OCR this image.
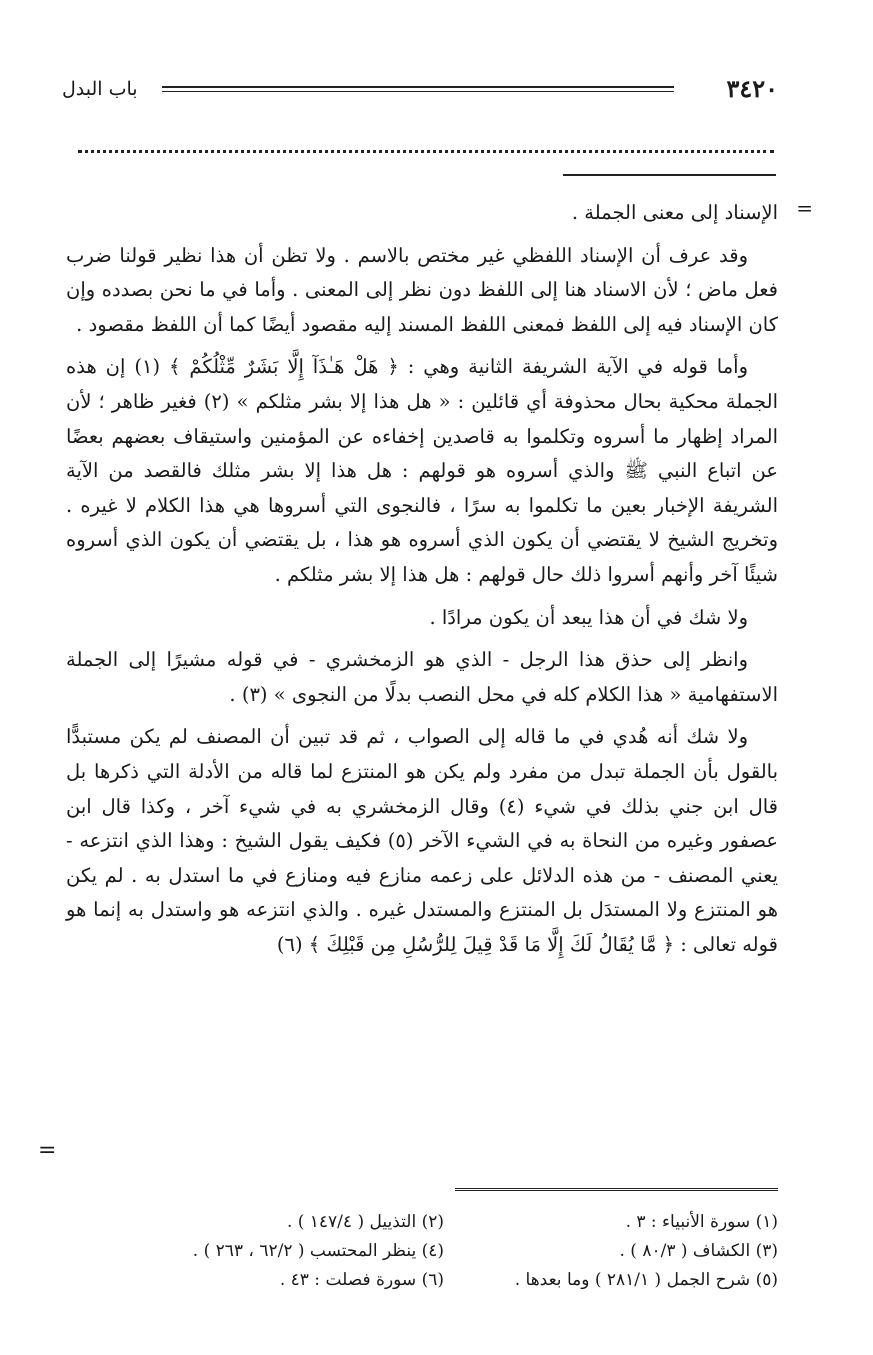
٣٤٢٠
باب البدل
=

الإسناد إلى معنى الجملة .

وقد عرف أن الإسناد اللفظي غير مختص بالاسم . ولا تظن أن هذا نظير قولنا ضرب فعل ماض ؛ لأن الاسناد هنا إلى اللفظ دون نظر إلى المعنى . وأما في ما نحن بصدده وإن كان الإسناد فيه إلى اللفظ فمعنى اللفظ المسند إليه مقصود أيضًا كما أن اللفظ مقصود .

وأما قوله في الآية الشريفة الثانية وهي : ﴿ هَلْ هَـٰذَآ إِلَّا بَشَرٌ مِّثْلُكُمْ ﴾ (١) إن هذه الجملة محكية بحال محذوفة أي قائلين : « هل هذا إلا بشر مثلكم » (٢) فغير ظاهر ؛ لأن المراد إظهار ما أسروه وتكلموا به قاصدين إخفاءه عن المؤمنين واستيقاف بعضهم بعضًا عن اتباع النبي ﷺ والذي أسروه هو قولهم : هل هذا إلا بشر مثلك فالقصد من الآية الشريفة الإخبار بعين ما تكلموا به سرًا ، فالنجوى التي أسروها هي هذا الكلام لا غيره . وتخريج الشيخ لا يقتضي أن يكون الذي أسروه هو هذا ، بل يقتضي أن يكون الذي أسروه شيئًا آخر وأنهم أسروا ذلك حال قولهم : هل هذا إلا بشر مثلكم .

ولا شك في أن هذا يبعد أن يكون مرادًا .

وانظر إلى حذق هذا الرجل - الذي هو الزمخشري - في قوله مشيرًا إلى الجملة الاستفهامية « هذا الكلام كله في محل النصب بدلًا من النجوى » (٣) .

ولا شك أنه هُدي في ما قاله إلى الصواب ، ثم قد تبين أن المصنف لم يكن مستبدًّا بالقول بأن الجملة تبدل من مفرد ولم يكن هو المنتزع لما قاله من الأدلة التي ذكرها بل قال ابن جني بذلك في شيء (٤) وقال الزمخشري به في شيء آخر ، وكذا قال ابن عصفور وغيره من النحاة به في الشيء الآخر (٥) فكيف يقول الشيخ : وهذا الذي انتزعه - يعني المصنف - من هذه الدلائل على زعمه منازع فيه ومنازع في ما استدل به . لم يكن هو المنتزع ولا المستدَل بل المنتزع والمستدل غيره . والذي انتزعه هو واستدل به إنما هو قوله تعالى : ﴿ مَّا يُقَالُ لَكَ إِلَّا مَا قَدْ قِيلَ لِلرُّسُلِ مِن قَبْلِكَ ﴾ (٦)

=
(١) سورة الأنبياء : ٣ .
(٢) التذييل ( ١٤٧/٤ ) .
(٣) الكشاف ( ٨٠/٣ ) .
(٤) ينظر المحتسب ( ٦٢/٢ ، ٢٦٣ ) .
(٥) شرح الجمل ( ٢٨١/١ ) وما بعدها .
(٦) سورة فصلت : ٤٣ .
